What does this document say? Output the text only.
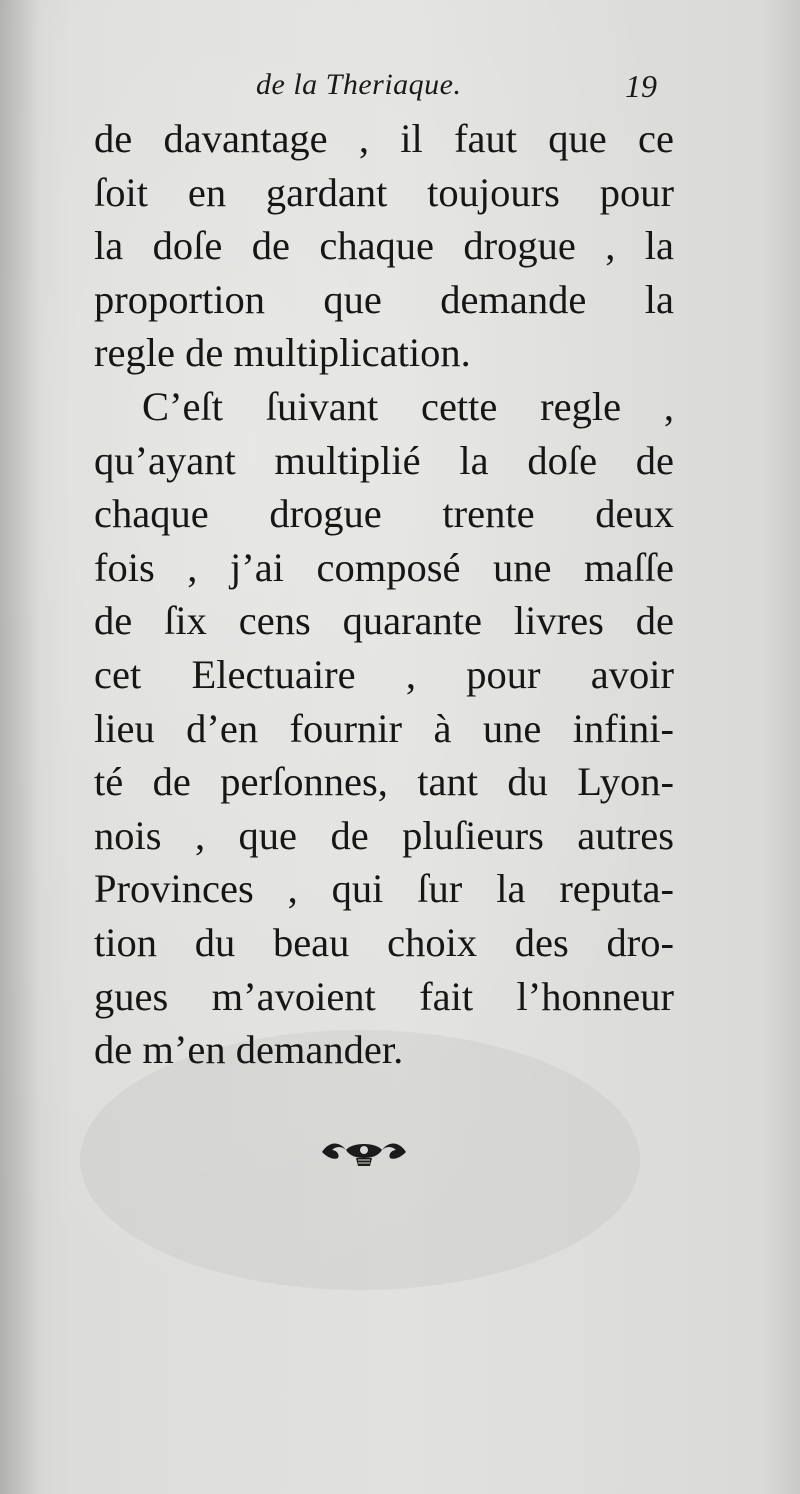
de la Theriaque.	19
de davantage , il faut que ce
ſoit en gardant toujours pour
la doſe de chaque drogue , la
proportion que demande la
regle de multiplication.
C’eſt ſuivant cette regle ,
qu’ayant multiplié la doſe de
chaque drogue trente deux
fois , j’ai composé une maſſe
de ſix cens quarante livres de
cet Electuaire , pour avoir
lieu d’en fournir à une infini-
té de perſonnes, tant du Lyon-
nois , que de pluſieurs autres
Provinces , qui ſur la reputa-
tion du beau choix des dro-
gues m’avoient fait l’honneur
de m’en demander.
